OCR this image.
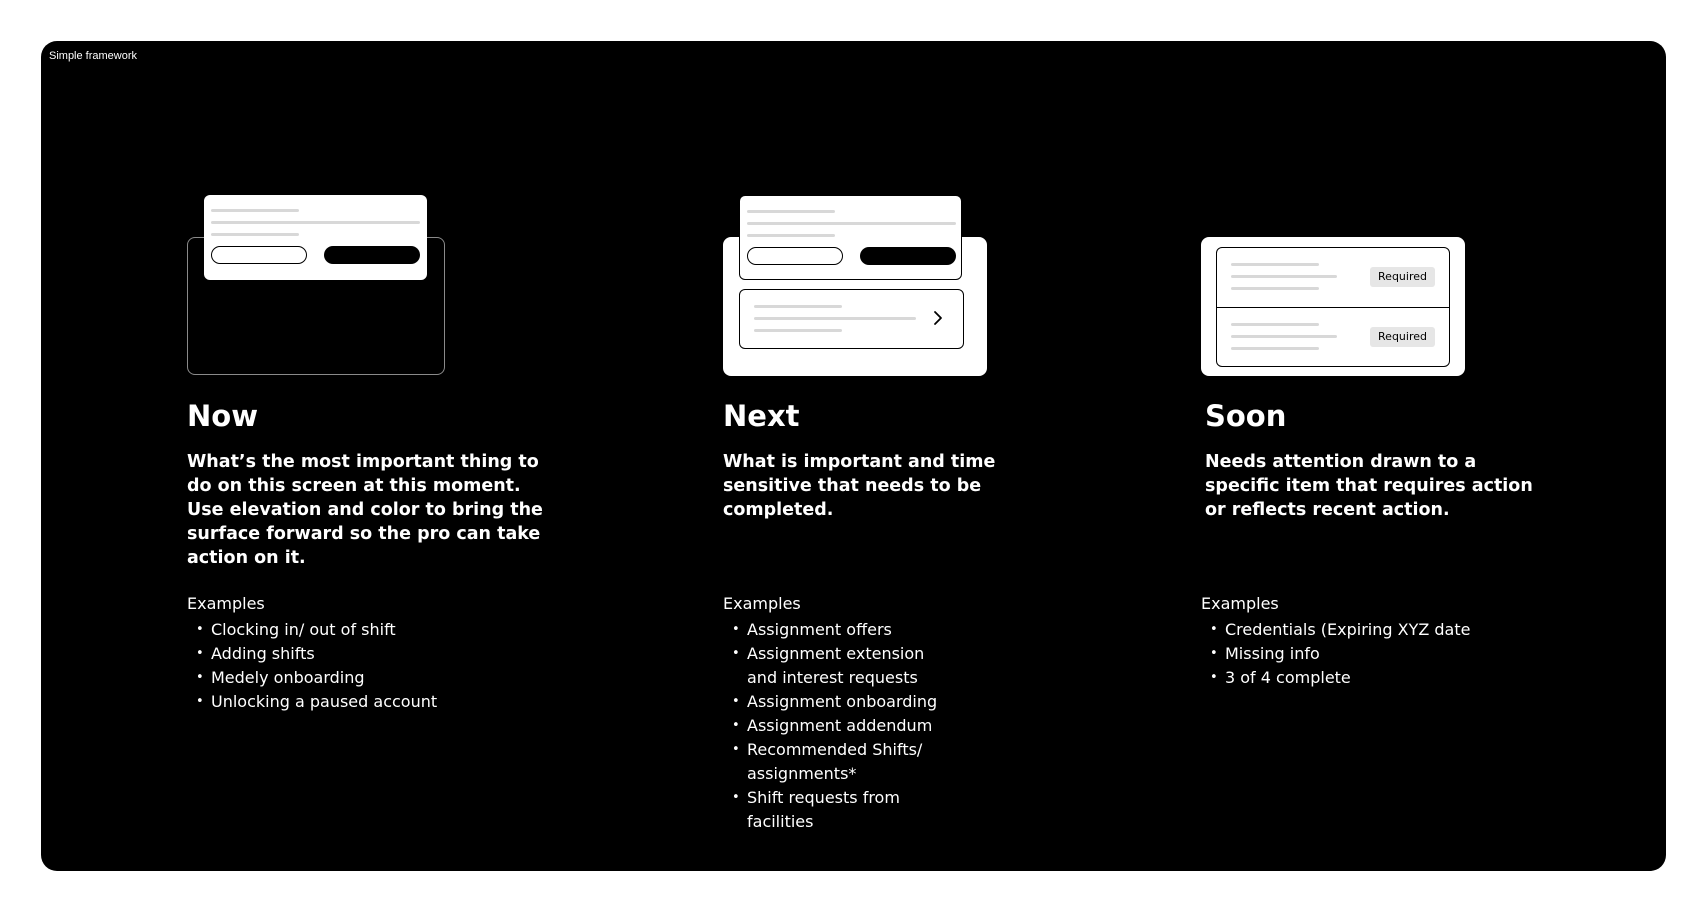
Simple framework
Now
What’s the most important thing to do on this screen at this moment. Use elevation and color to bring the surface forward so the pro can take action on it.
Examples
• Clocking in/ out of shift
• Adding shifts
• Medely onboarding
• Unlocking a paused account
Next
What is important and time sensitive that needs to be completed.
Examples
• Assignment offers
• Assignment extension and interest requests
• Assignment onboarding
• Assignment addendum
• Recommended Shifts/ assignments*
• Shift requests from facilities
Required
Required
Soon
Needs attention drawn to a specific item that requires action or reflects recent action.
Examples
• Credentials (Expiring XYZ date
• Missing info
• 3 of 4 complete
